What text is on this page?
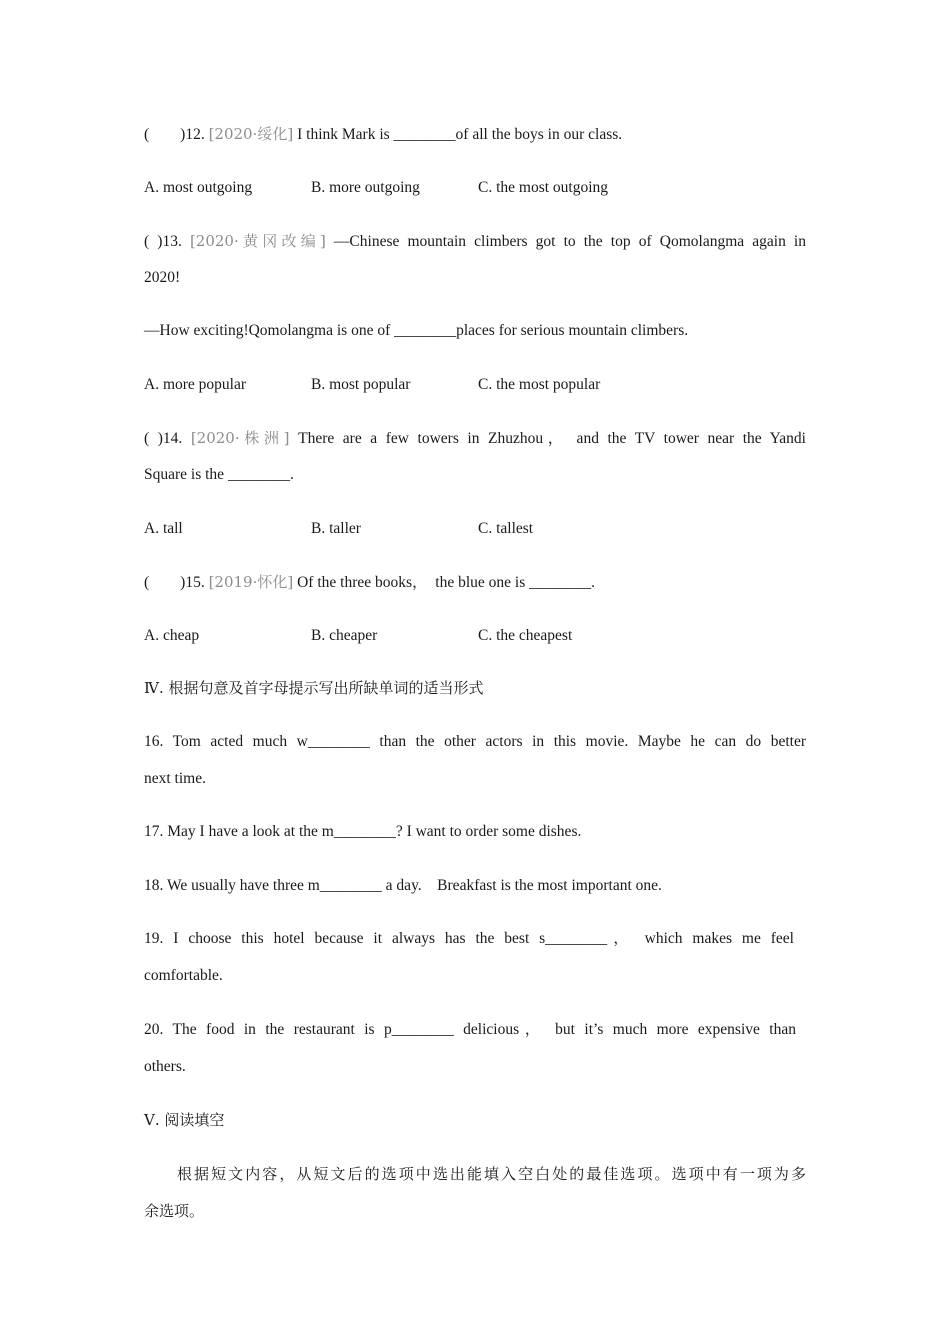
(        )12. [2020·绥化] I think Mark is ________of all the boys in our class.
A. most outgoing	B. more outgoing	C. the most outgoing
( )13. [2020·黄冈改编] —Chinese mountain climbers got to the top of Qomolangma again in
2020!
—How exciting!Qomolangma is one of ________places for serious mountain climbers.
A. more popular	B. most popular	C. the most popular
( )14. [2020·株洲] There are a few towers in Zhuzhou， and the TV tower near the Yandi
Square is the ________.
A. tall	B. taller	C. tallest
(        )15. [2019·怀化] Of the three books，  the blue one is ________.
A. cheap	B. cheaper	C. the cheapest
Ⅳ. 根据句意及首字母提示写出所缺单词的适当形式
16. Tom acted much w________ than the other actors in this movie. Maybe he can do better
next time.
17. May I have a look at the m________? I want to order some dishes.
18. We usually have three m________ a day.    Breakfast is the most important one.
19. I choose this hotel because it always has the best s________， which makes me feel
comfortable.
20. The food in the restaurant is p________ delicious， but it’s much more expensive than
others.
Ⅴ. 阅读填空
根据短文内容，从短文后的选项中选出能填入空白处的最佳选项。选项中有一项为多
余选项。
